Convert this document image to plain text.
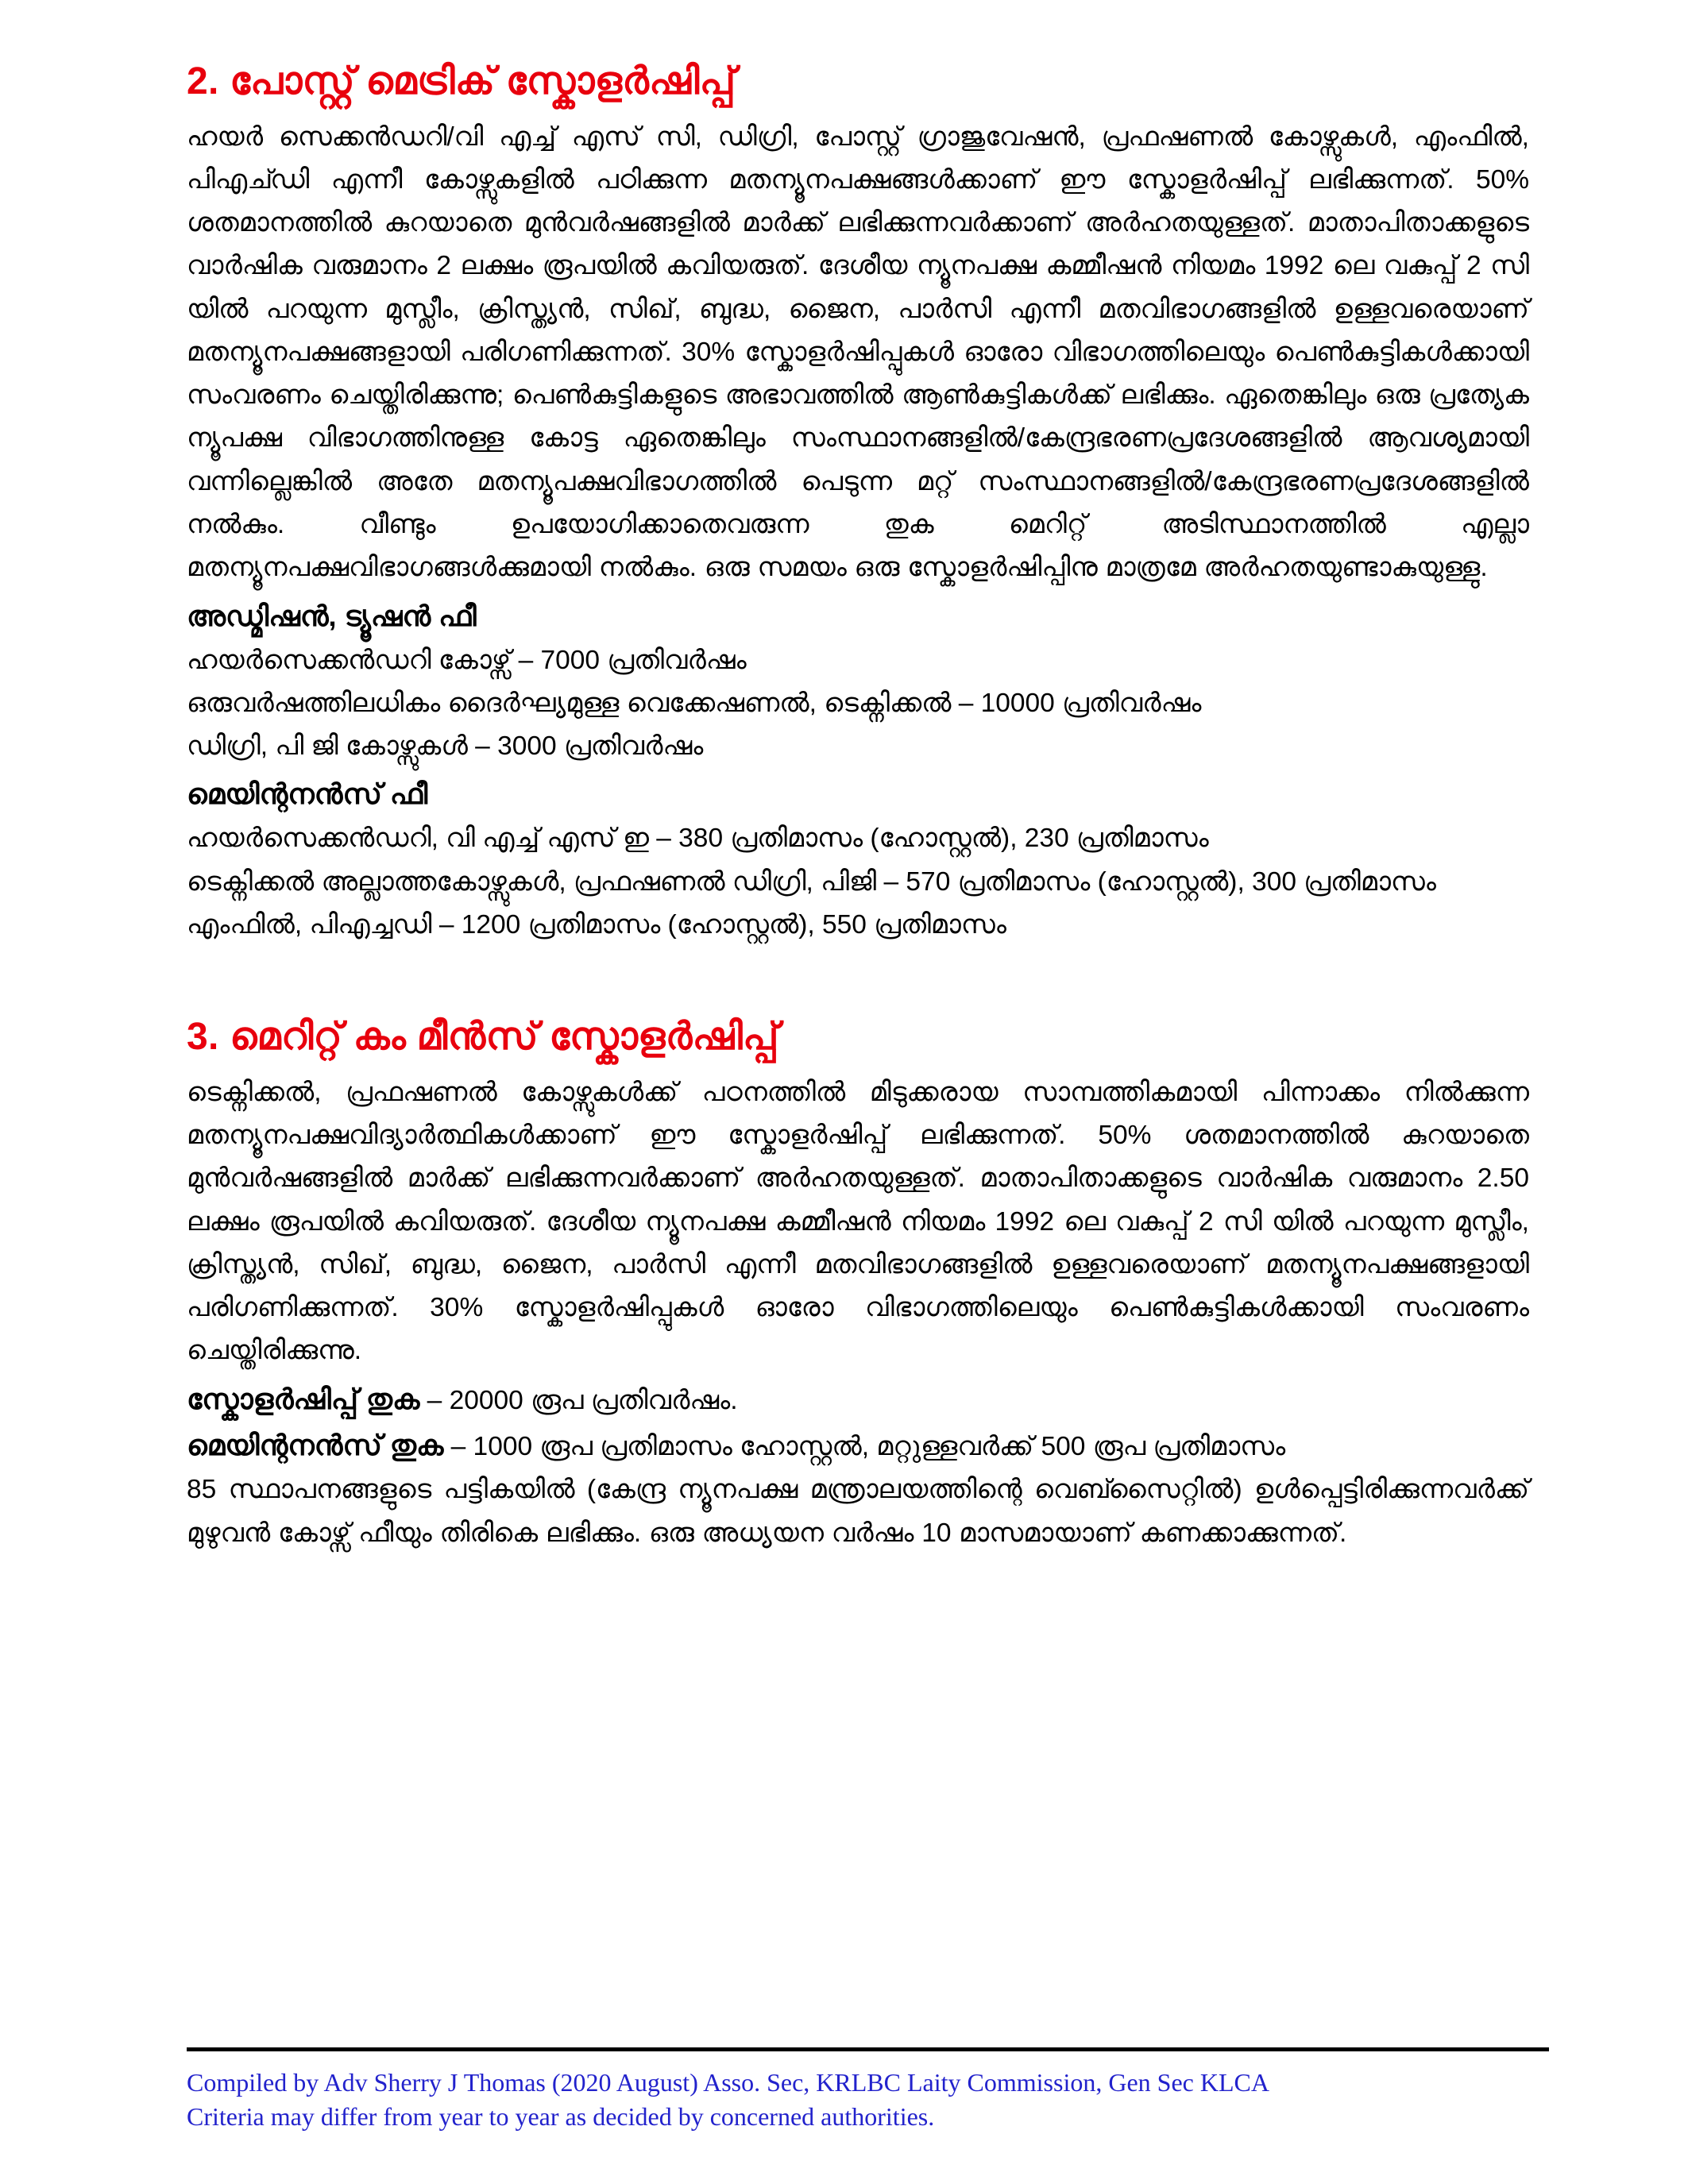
2. പോസ്റ്റ് മെട്രിക് സ്കോളർഷിപ്പ്

ഹയർ സെക്കൻഡറി/വി എച്ച് എസ് സി, ഡിഗ്രി, പോസ്റ്റ് ഗ്രാജുവേഷൻ, പ്രഫഷണൽ കോഴ്സുകൾ, എംഫിൽ, പിഎച്ഡി എന്നീ കോഴ്സുകളിൽ പഠിക്കുന്ന മതന്യൂനപക്ഷങ്ങൾക്കാണ് ഈ സ്കോളർഷിപ്പ് ലഭിക്കുന്നത്. 50% ശതമാനത്തിൽ കുറയാതെ മുൻവർഷങ്ങളിൽ മാർക്ക് ലഭിക്കുന്നവർക്കാണ് അർഹതയുള്ളത്. മാതാപിതാക്കളുടെ വാർഷിക വരുമാനം 2 ലക്ഷം രൂപയിൽ കവിയരുത്. ദേശീയ ന്യൂനപക്ഷ കമ്മീഷൻ നിയമം 1992 ലെ വകുപ്പ് 2 സി യിൽ പറയുന്ന മുസ്ലീം, ക്രിസ്ത്യൻ, സിഖ്, ബുദ്ധ, ജൈന, പാർസി എന്നീ മതവിഭാഗങ്ങളിൽ ഉള്ളവരെയാണ് മതന്യൂനപക്ഷങ്ങളായി പരിഗണിക്കുന്നത്. 30% സ്കോളർഷിപ്പുകൾ ഓരോ വിഭാഗത്തിലെയും പെൺകുട്ടികൾക്കായി സംവരണം ചെയ്തിരിക്കുന്നു; പെൺകുട്ടികളുടെ അഭാവത്തിൽ ആൺകുട്ടികൾക്ക് ലഭിക്കും. ഏതെങ്കിലും ഒരു പ്രത്യേക ന്യൂപക്ഷ വിഭാഗത്തിനുള്ള കോട്ട ഏതെങ്കിലും സംസ്ഥാനങ്ങളിൽ/കേന്ദ്രഭരണപ്രദേശങ്ങളിൽ ആവശ്യമായി വന്നില്ലെങ്കിൽ അതേ മതന്യൂപക്ഷവിഭാഗത്തിൽ പെടുന്ന മറ്റ് സംസ്ഥാനങ്ങളിൽ/കേന്ദ്രഭരണപ്രദേശങ്ങളിൽ നൽകും. വീണ്ടും ഉപയോഗിക്കാതെവരുന്ന തുക മെറിറ്റ് അടിസ്ഥാനത്തിൽ എല്ലാ മതന്യൂനപക്ഷവിഭാഗങ്ങൾക്കുമായി നൽകും. ഒരു സമയം ഒരു സ്കോളർഷിപ്പിനു മാത്രമേ അർഹതയുണ്ടാകുയുള്ളു.

അഡ്മിഷൻ, ട്യൂഷൻ ഫീ

ഹയർസെക്കൻഡറി കോഴ്സ് – 7000 പ്രതിവർഷം

ഒരുവർഷത്തിലധികം ദൈർഘ്യമുള്ള വെക്കേഷണൽ, ടെക്നിക്കൽ – 10000 പ്രതിവർഷം

ഡിഗ്രി, പി ജി കോഴ്സുകൾ – 3000 പ്രതിവർഷം

മെയിന്റനൻസ് ഫീ

ഹയർസെക്കൻഡറി, വി എച്ച് എസ് ഇ – 380 പ്രതിമാസം (ഹോസ്റ്റൽ), 230 പ്രതിമാസം

ടെക്നിക്കൽ അല്ലാത്തകോഴ്സുകൾ, പ്രഫഷണൽ ഡിഗ്രി, പിജി – 570 പ്രതിമാസം (ഹോസ്റ്റൽ), 300 പ്രതിമാസം

എംഫിൽ, പിഎച്ചഡി – 1200 പ്രതിമാസം (ഹോസ്റ്റൽ), 550 പ്രതിമാസം

3. മെറിറ്റ് കം മീൻസ് സ്കോളർഷിപ്പ്

ടെക്നിക്കൽ, പ്രഫഷണൽ കോഴ്സുകൾക്ക് പഠനത്തിൽ മിടുക്കരായ സാമ്പത്തികമായി പിന്നാക്കം നിൽക്കുന്ന മതന്യൂനപക്ഷവിദ്യാർത്ഥികൾക്കാണ് ഈ സ്കോളർഷിപ്പ് ലഭിക്കുന്നത്. 50% ശതമാനത്തിൽ കുറയാതെ മുൻവർഷങ്ങളിൽ മാർക്ക് ലഭിക്കുന്നവർക്കാണ് അർഹതയുള്ളത്. മാതാപിതാക്കളുടെ വാർഷിക വരുമാനം 2.50 ലക്ഷം രൂപയിൽ കവിയരുത്. ദേശീയ ന്യൂനപക്ഷ കമ്മീഷൻ നിയമം 1992 ലെ വകുപ്പ് 2 സി യിൽ പറയുന്ന മുസ്ലീം, ക്രിസ്ത്യൻ, സിഖ്, ബുദ്ധ, ജൈന, പാർസി എന്നീ മതവിഭാഗങ്ങളിൽ ഉള്ളവരെയാണ് മതന്യൂനപക്ഷങ്ങളായി പരിഗണിക്കുന്നത്. 30% സ്കോളർഷിപ്പുകൾ ഓരോ വിഭാഗത്തിലെയും പെൺകുട്ടികൾക്കായി സംവരണം ചെയ്തിരിക്കുന്നു.

സ്കോളർഷിപ്പ് തുക – 20000 രൂപ പ്രതിവർഷം.

മെയിന്റനൻസ് തുക – 1000 രൂപ പ്രതിമാസം ഹോസ്റ്റൽ, മറ്റുള്ളവർക്ക് 500 രൂപ പ്രതിമാസം

85 സ്ഥാപനങ്ങളുടെ പട്ടികയിൽ (കേന്ദ്ര ന്യൂനപക്ഷ മന്ത്രാലയത്തിന്റെ വെബ്സൈറ്റിൽ) ഉൾപ്പെട്ടിരിക്കുന്നവർക്ക് മുഴുവൻ കോഴ്സ് ഫീയും തിരികെ ലഭിക്കും. ഒരു അധ്യയന വർഷം 10 മാസമായാണ് കണക്കാക്കുന്നത്.

Compiled by Adv Sherry J Thomas (2020 August) Asso. Sec, KRLBC Laity Commission, Gen Sec KLCA

Criteria may differ from year to year as decided by concerned authorities.
